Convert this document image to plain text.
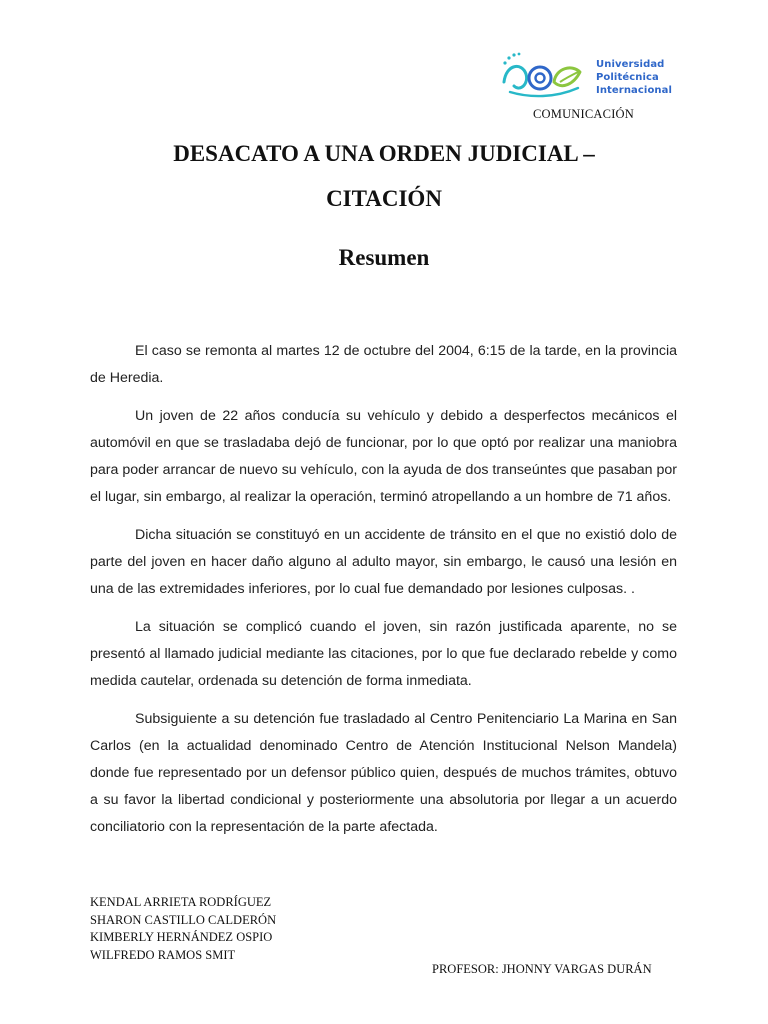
Universidad
Politécnica
Internacional
COMUNICACIÓN
DESACATO A UNA ORDEN JUDICIAL –
CITACIÓN
Resumen

El caso se remonta al martes 12 de octubre del 2004, 6:15 de la tarde, en la provincia de Heredia.

Un joven de 22 años conducía su vehículo y debido a desperfectos mecánicos el automóvil en que se trasladaba dejó de funcionar, por lo que optó por realizar una maniobra para poder arrancar de nuevo su vehículo, con la ayuda de dos transeúntes que pasaban por el lugar, sin embargo, al realizar la operación, terminó atropellando a un hombre de 71 años.

Dicha situación se constituyó en un accidente de tránsito en el que no existió dolo de parte del joven en hacer daño alguno al adulto mayor, sin embargo, le causó una lesión en una de las extremidades inferiores, por lo cual fue demandado por lesiones culposas. .

La situación se complicó cuando el joven, sin razón justificada aparente, no se presentó al llamado judicial mediante las citaciones, por lo que fue declarado rebelde y como medida cautelar, ordenada su detención de forma inmediata.

Subsiguiente a su detención fue trasladado al Centro Penitenciario La Marina en San Carlos (en la actualidad denominado Centro de Atención Institucional Nelson Mandela) donde fue representado por un defensor público quien, después de muchos trámites, obtuvo a su favor la libertad condicional y posteriormente una absolutoria por llegar a un acuerdo conciliatorio con la representación de la parte afectada.

KENDAL ARRIETA RODRÍGUEZ
SHARON CASTILLO CALDERÓN
KIMBERLY HERNÁNDEZ OSPIO
WILFREDO RAMOS SMIT
PROFESOR: JHONNY VARGAS DURÁN
